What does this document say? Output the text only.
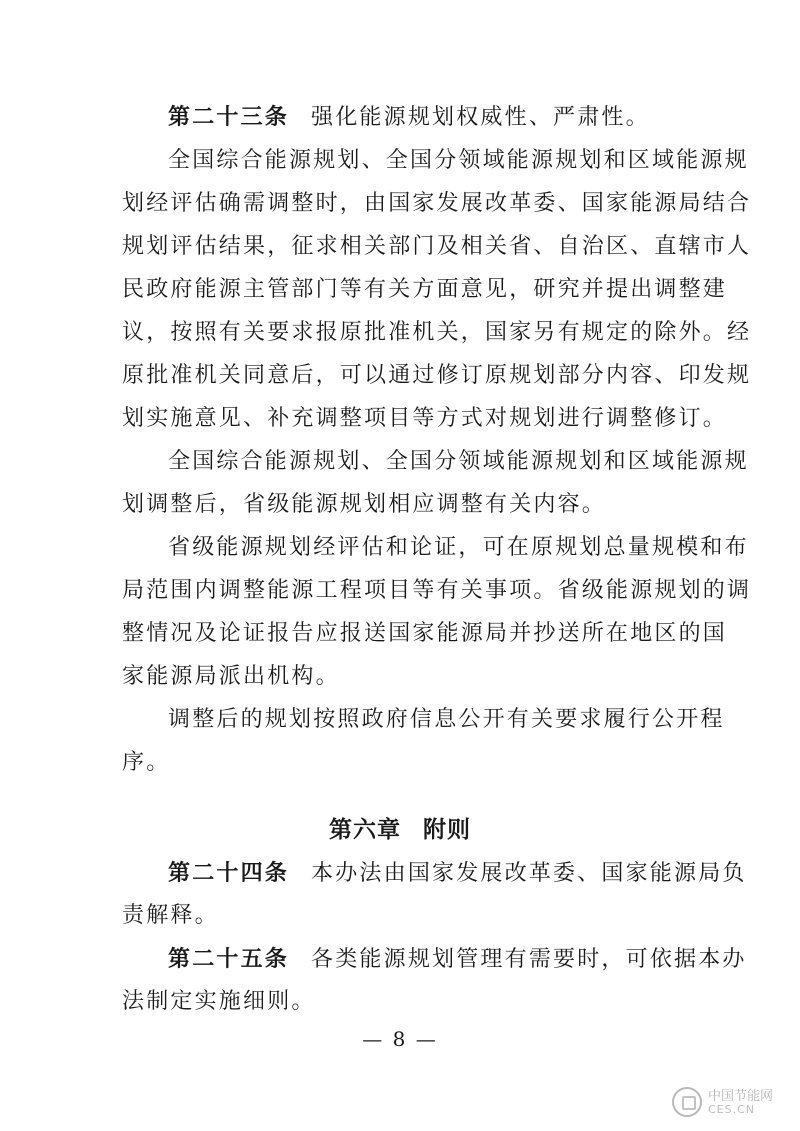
第二十三条 强化能源规划权威性、严肃性。
全国综合能源规划、全国分领域能源规划和区域能源规
划经评估确需调整时，由国家发展改革委、国家能源局结合
规划评估结果，征求相关部门及相关省、自治区、直辖市人
民政府能源主管部门等有关方面意见，研究并提出调整建
议，按照有关要求报原批准机关，国家另有规定的除外。经
原批准机关同意后，可以通过修订原规划部分内容、印发规
划实施意见、补充调整项目等方式对规划进行调整修订。
全国综合能源规划、全国分领域能源规划和区域能源规
划调整后，省级能源规划相应调整有关内容。
省级能源规划经评估和论证，可在原规划总量规模和布
局范围内调整能源工程项目等有关事项。省级能源规划的调
整情况及论证报告应报送国家能源局并抄送所在地区的国
家能源局派出机构。
调整后的规划按照政府信息公开有关要求履行公开程
序。
第六章 附则
第二十四条 本办法由国家发展改革委、国家能源局负
责解释。
第二十五条 各类能源规划管理有需要时，可依据本办
法制定实施细则。
— 8 —
中国节能网
CES.CN
